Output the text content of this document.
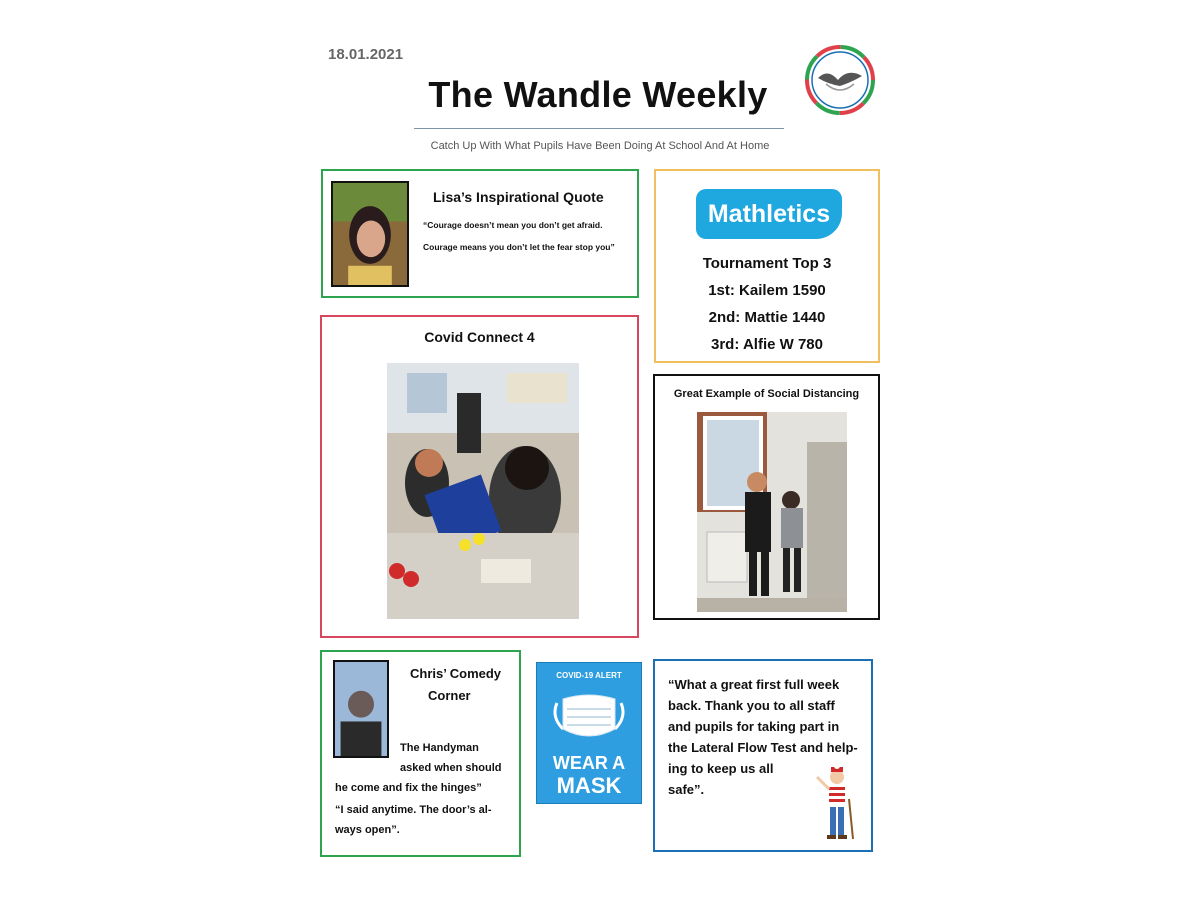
18.01.2021
The Wandle Weekly
Catch Up With What Pupils Have Been Doing At School And At Home
Lisa’s Inspirational Quote
“Courage doesn’t mean you don’t get afraid.
Courage means you don’t let the fear stop you”
Mathletics
Tournament Top 3
1st: Kailem 1590
2nd: Mattie 1440
3rd: Alfie W 780
Covid Connect 4
Great Example of Social Distancing
Chris’ Comedy
Corner
The Handyman
asked when should
he come and fix the hinges”
“I said anytime. The door’s al-
ways open”.
COVID-19 ALERT
WEAR A
MASK
“What a great first full week
back. Thank you to all staff
and pupils for taking part in
the Lateral Flow Test and help-
ing to keep us all
safe”.
